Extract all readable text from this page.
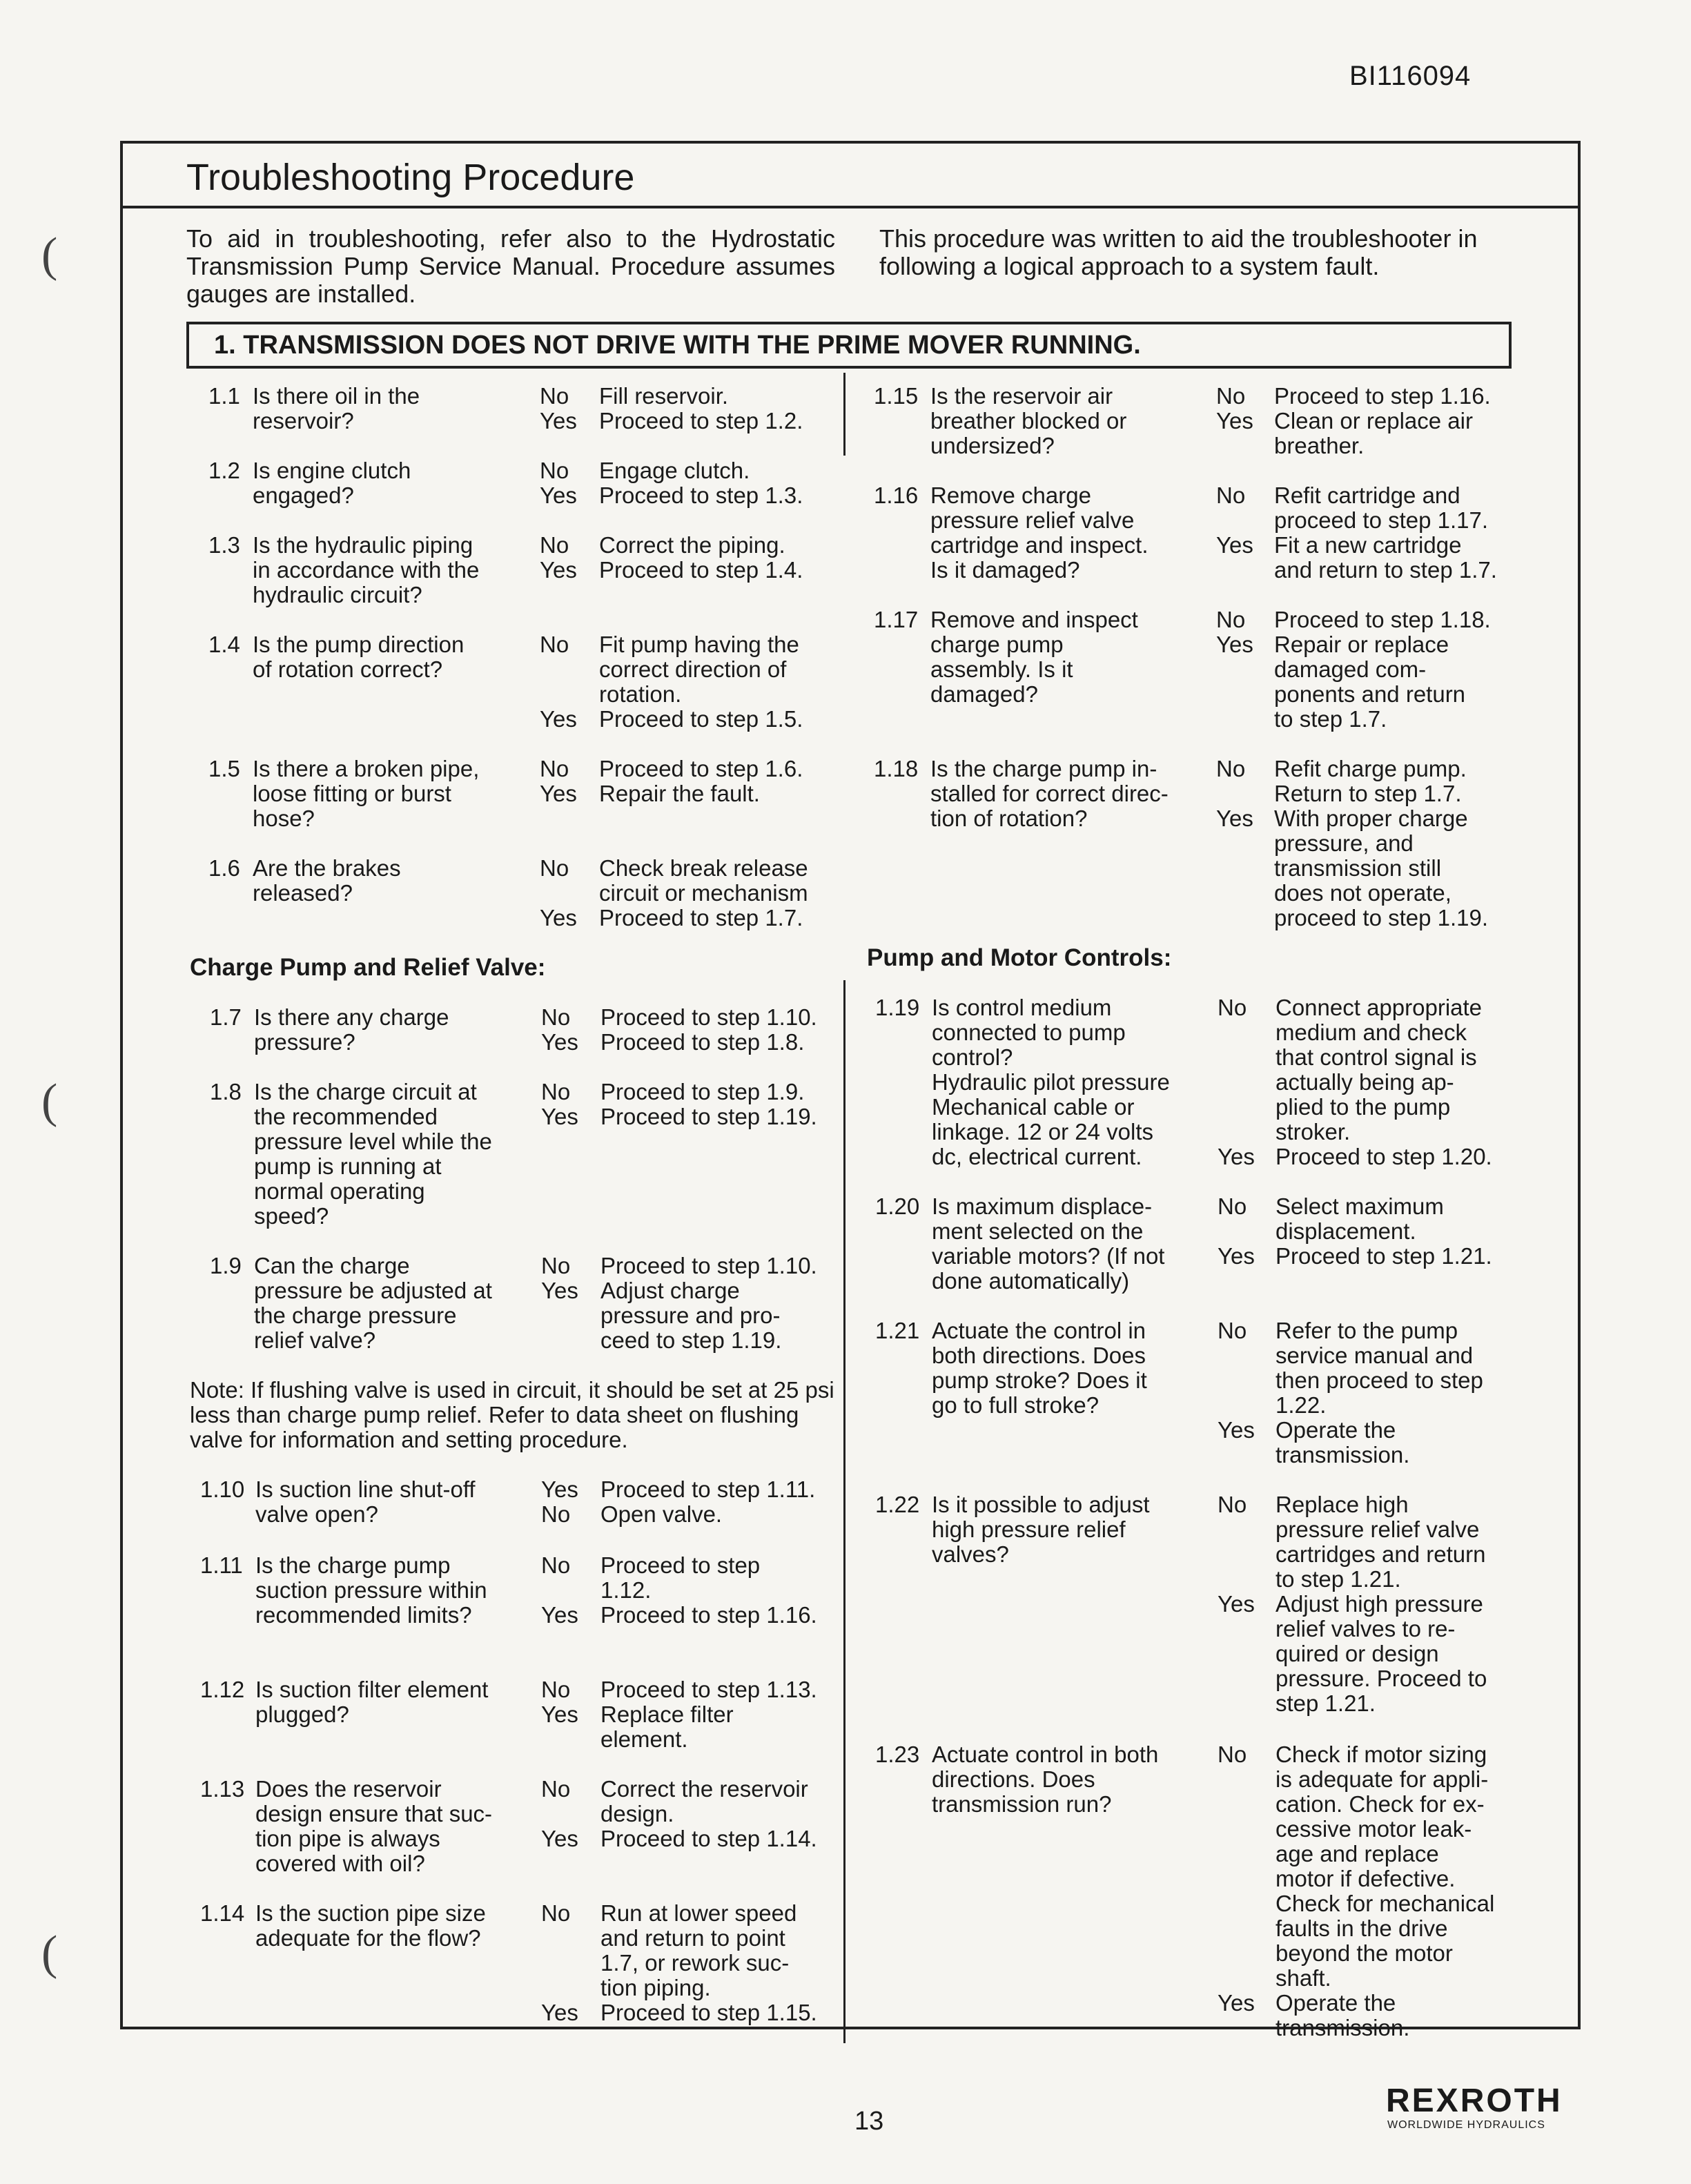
BI116094
(
(
(
Troubleshooting Procedure
To aid in troubleshooting, refer also to the Hydrostatic Transmission Pump Service Manual. Procedure assumes gauges are installed.
This procedure was written to aid the troubleshooter in following a logical approach to a system fault.
1. TRANSMISSION DOES NOT DRIVE WITH THE PRIME MOVER RUNNING.
1.1 Is there oil in the
reservoir?
No
Yes
Fill reservoir.
Proceed to step 1.2.
1.2 Is engine clutch
engaged?
No
Yes
Engage clutch.
Proceed to step 1.3.
1.3 Is the hydraulic piping
in accordance with the
hydraulic circuit?
No
Yes
Correct the piping.
Proceed to step 1.4.
1.4 Is the pump direction
of rotation correct?
No

Yes
Fit pump having the
correct direction of
rotation.
Proceed to step 1.5.
1.5 Is there a broken pipe,
loose fitting or burst
hose?
No
Yes
Proceed to step 1.6.
Repair the fault.
1.6 Are the brakes
released?
No

Yes
Check break release
circuit or mechanism
Proceed to step 1.7.
Charge Pump and Relief Valve:
1.7 Is there any charge
pressure?
No
Yes
Proceed to step 1.10.
Proceed to step 1.8.
1.8 Is the charge circuit at
the recommended
pressure level while the
pump is running at
normal operating
speed?
No
Yes
Proceed to step 1.9.
Proceed to step 1.19.
1.9 Can the charge
pressure be adjusted at
the charge pressure
relief valve?
No
Yes
Proceed to step 1.10.
Adjust charge
pressure and pro-
ceed to step 1.19.
Note: If flushing valve is used in circuit, it should be set at 25 psi less than charge pump relief. Refer to data sheet on flushing valve for information and setting procedure.
1.10 Is suction line shut-off
valve open?
Yes
No
Proceed to step 1.11.
Open valve.
1.11 Is the charge pump
suction pressure within
recommended limits?
No

Yes
Proceed to step
1.12.
Proceed to step 1.16.
1.12 Is suction filter element
plugged?
No
Yes
Proceed to step 1.13.
Replace filter
element.
1.13 Does the reservoir
design ensure that suc-
tion pipe is always
covered with oil?
No

Yes
Correct the reservoir
design.
Proceed to step 1.14.
1.14 Is the suction pipe size
adequate for the flow?
No

Yes
Run at lower speed
and return to point
1.7, or rework suc-
tion piping.
Proceed to step 1.15.
1.15 Is the reservoir air
breather blocked or
undersized?
No
Yes
Proceed to step 1.16.
Clean or replace air
breather.
1.16 Remove charge
pressure relief valve
cartridge and inspect.
Is it damaged?
No

Yes
Refit cartridge and
proceed to step 1.17.
Fit a new cartridge
and return to step 1.7.
1.17 Remove and inspect
charge pump
assembly. Is it
damaged?
No
Yes
Proceed to step 1.18.
Repair or replace
damaged com-
ponents and return
to step 1.7.
1.18 Is the charge pump in-
stalled for correct direc-
tion of rotation?
No

Yes
Refit charge pump.
Return to step 1.7.
With proper charge
pressure, and
transmission still
does not operate,
proceed to step 1.19.
Pump and Motor Controls:
1.19 Is control medium
connected to pump
control?
Hydraulic pilot pressure
Mechanical cable or
linkage. 12 or 24 volts
dc, electrical current.
No

Yes
Connect appropriate
medium and check
that control signal is
actually being ap-
plied to the pump
stroker.
Proceed to step 1.20.
1.20 Is maximum displace-
ment selected on the
variable motors? (If not
done automatically)
No

Yes
Select maximum
displacement.
Proceed to step 1.21.
1.21 Actuate the control in
both directions. Does
pump stroke? Does it
go to full stroke?
No

Yes
Refer to the pump
service manual and
then proceed to step
1.22.
Operate the
transmission.
1.22 Is it possible to adjust
high pressure relief
valves?
No

Yes
Replace high
pressure relief valve
cartridges and return
to step 1.21.
Adjust high pressure
relief valves to re-
quired or design
pressure. Proceed to
step 1.21.
1.23 Actuate control in both
directions. Does
transmission run?
No

Yes
Check if motor sizing
is adequate for appli-
cation. Check for ex-
cessive motor leak-
age and replace
motor if defective.
Check for mechanical
faults in the drive
beyond the motor
shaft.
Operate the
transmission.
13
REXROTH
WORLDWIDE HYDRAULICS
